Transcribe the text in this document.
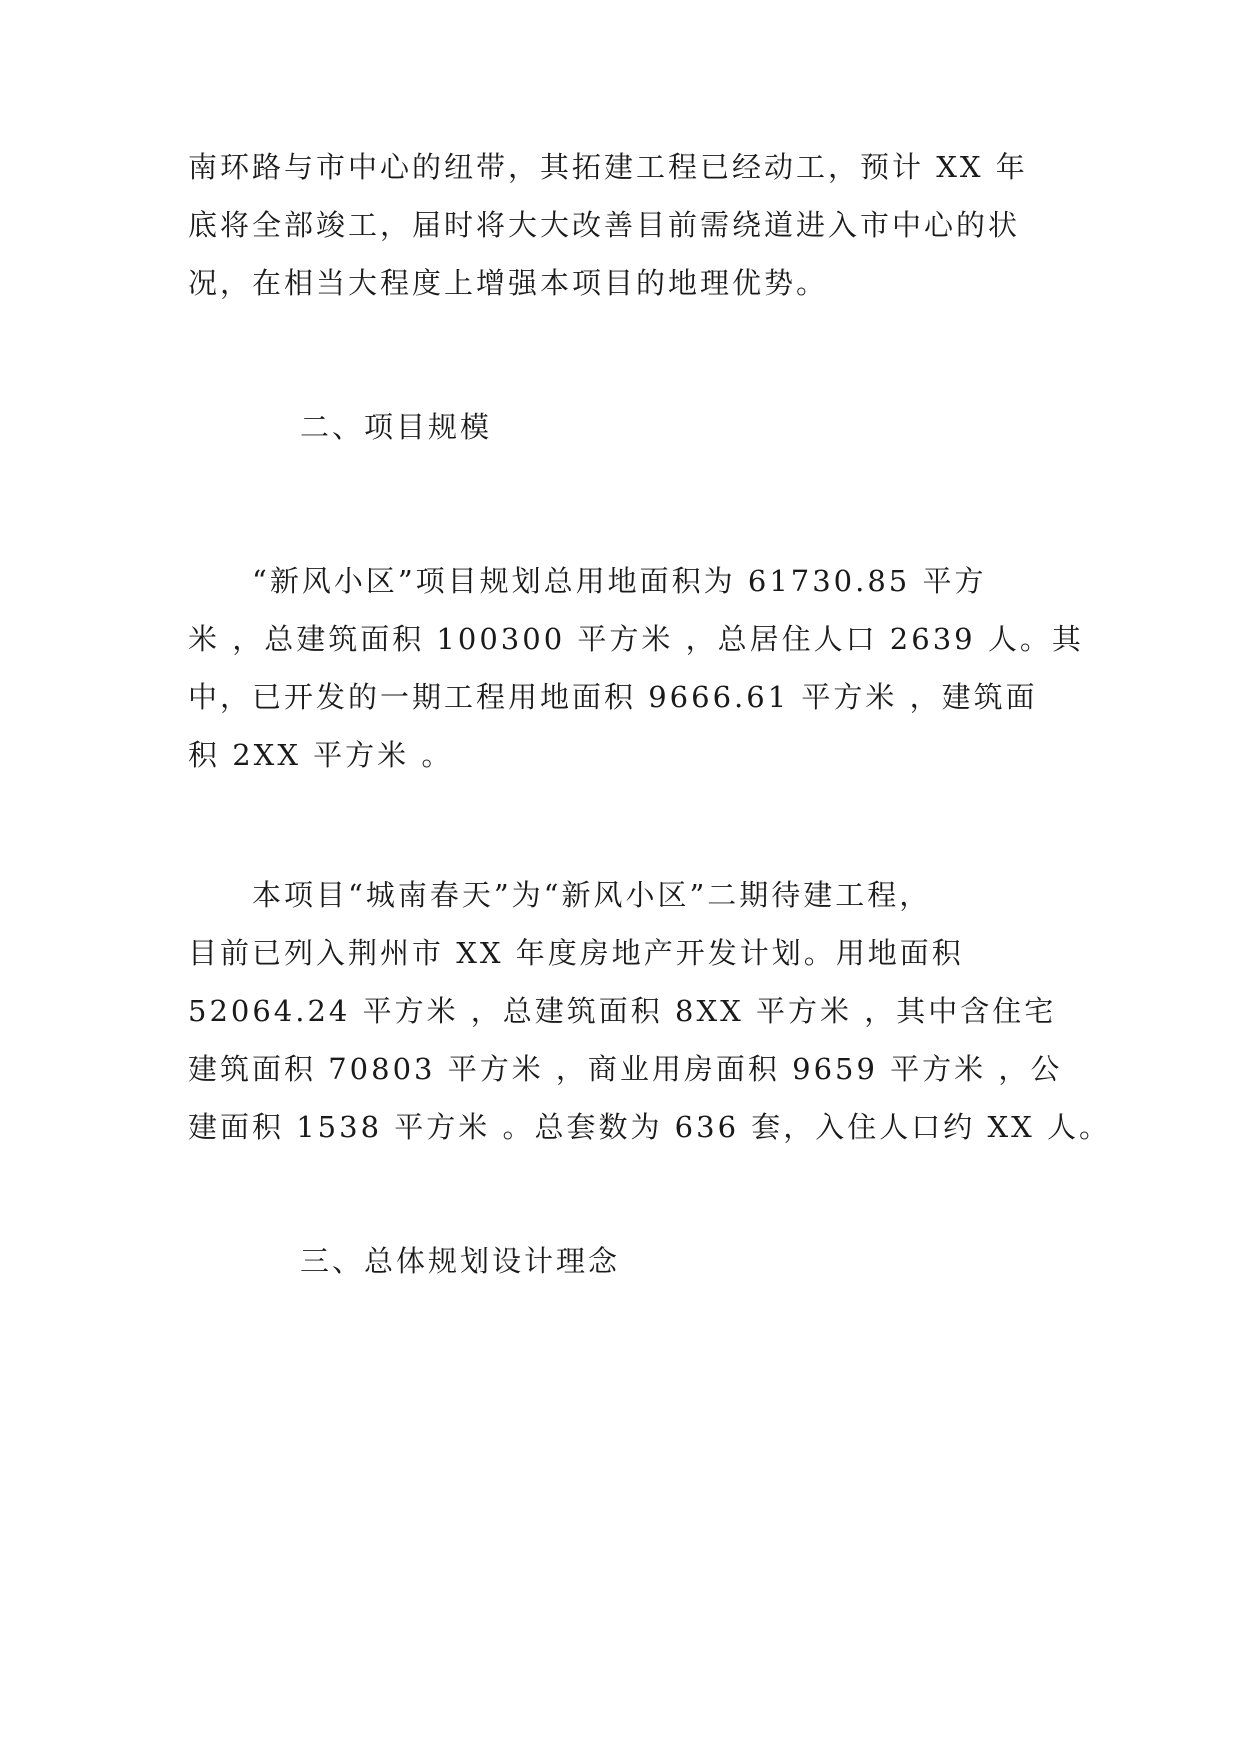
南环路与市中心的纽带，其拓建工程已经动工，预计 XX 年
底将全部竣工，届时将大大改善目前需绕道进入市中心的状
况，在相当大程度上增强本项目的地理优势。
二、项目规模
　　“新风小区”项目规划总用地面积为 61730.85 平方
米 ，总建筑面积 100300 平方米 ，总居住人口 2639 人。其
中，已开发的一期工程用地面积 9666.61 平方米 ，建筑面
积 2XX 平方米 。
　　本项目“城南春天”为“新风小区”二期待建工程，
目前已列入荆州市 XX 年度房地产开发计划。用地面积
52064.24 平方米 ，总建筑面积 8XX 平方米 ，其中含住宅
建筑面积 70803 平方米 ，商业用房面积 9659 平方米 ，公
建面积 1538 平方米 。总套数为 636 套，入住人口约 XX 人。
三、总体规划设计理念
